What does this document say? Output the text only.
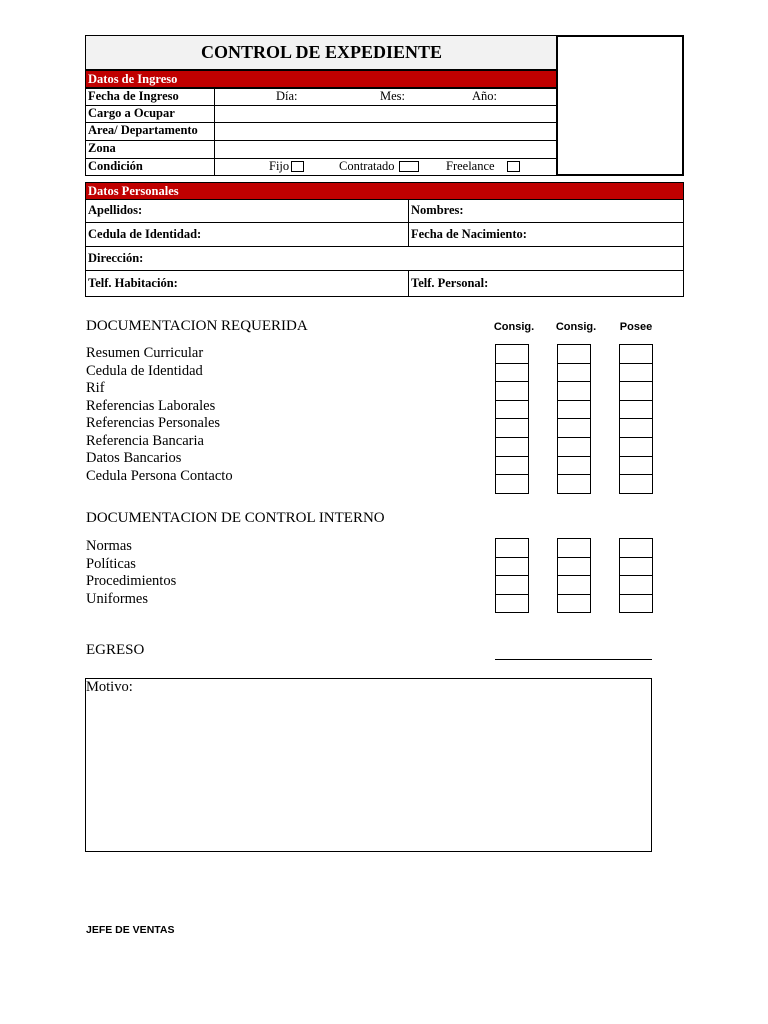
CONTROL DE EXPEDIENTE
Datos de Ingreso
Fecha de Ingreso	Día:	Mes:	Año:
Cargo a Ocupar
Area/ Departamento
Zona
Condición	Fijo	Contratado	Freelance
Datos Personales
Apellidos:	Nombres:
Cedula de Identidad:	Fecha de Nacimiento:
Dirección:
Telf. Habitación:	Telf. Personal:
DOCUMENTACION REQUERIDA	Consig.	Consig.	Posee
Resumen Curricular
Cedula de Identidad
Rif
Referencias Laborales
Referencias Personales
Referencia Bancaria
Datos Bancarios
Cedula Persona Contacto
DOCUMENTACION DE CONTROL INTERNO
Normas
Políticas
Procedimientos
Uniformes
EGRESO
Motivo:
JEFE DE VENTAS
